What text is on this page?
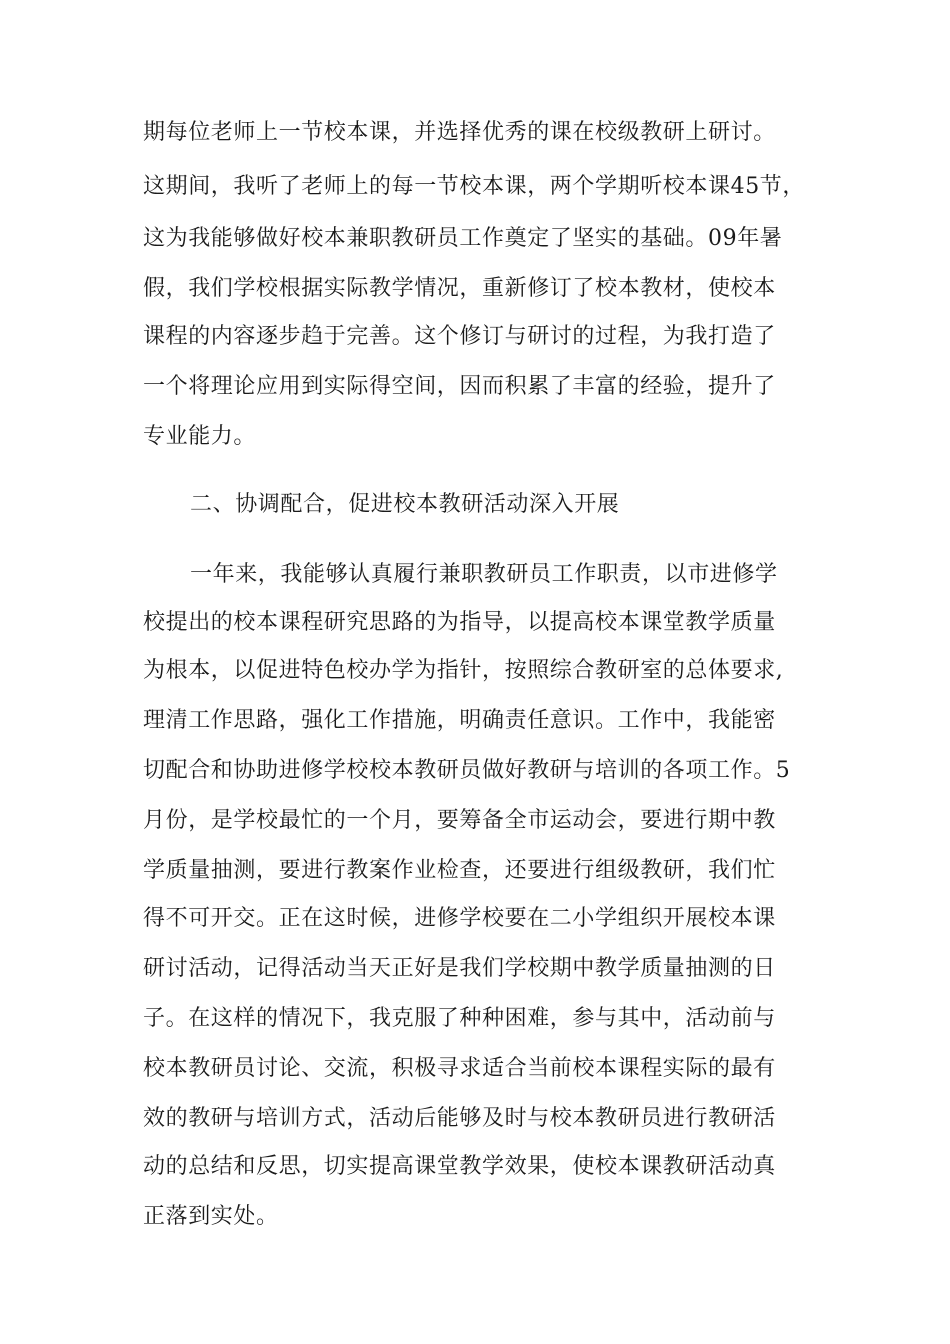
期每位老师上一节校本课，并选择优秀的课在校级教研上研讨。
这期间，我听了老师上的每一节校本课，两个学期听校本课45节，
这为我能够做好校本兼职教研员工作奠定了坚实的基础。09年暑
假，我们学校根据实际教学情况，重新修订了校本教材，使校本
课程的内容逐步趋于完善。这个修订与研讨的过程，为我打造了
一个将理论应用到实际得空间，因而积累了丰富的经验，提升了
专业能力。
二、协调配合，促进校本教研活动深入开展
一年来，我能够认真履行兼职教研员工作职责，以市进修学
校提出的校本课程研究思路的为指导，以提高校本课堂教学质量
为根本，以促进特色校办学为指针，按照综合教研室的总体要求,
理清工作思路，强化工作措施，明确责任意识。工作中，我能密
切配合和协助进修学校校本教研员做好教研与培训的各项工作。5
月份，是学校最忙的一个月，要筹备全市运动会，要进行期中教
学质量抽测，要进行教案作业检查，还要进行组级教研，我们忙
得不可开交。正在这时候，进修学校要在二小学组织开展校本课
研讨活动，记得活动当天正好是我们学校期中教学质量抽测的日
子。在这样的情况下，我克服了种种困难，参与其中，活动前与
校本教研员讨论、交流，积极寻求适合当前校本课程实际的最有
效的教研与培训方式，活动后能够及时与校本教研员进行教研活
动的总结和反思，切实提高课堂教学效果，使校本课教研活动真
正落到实处。
